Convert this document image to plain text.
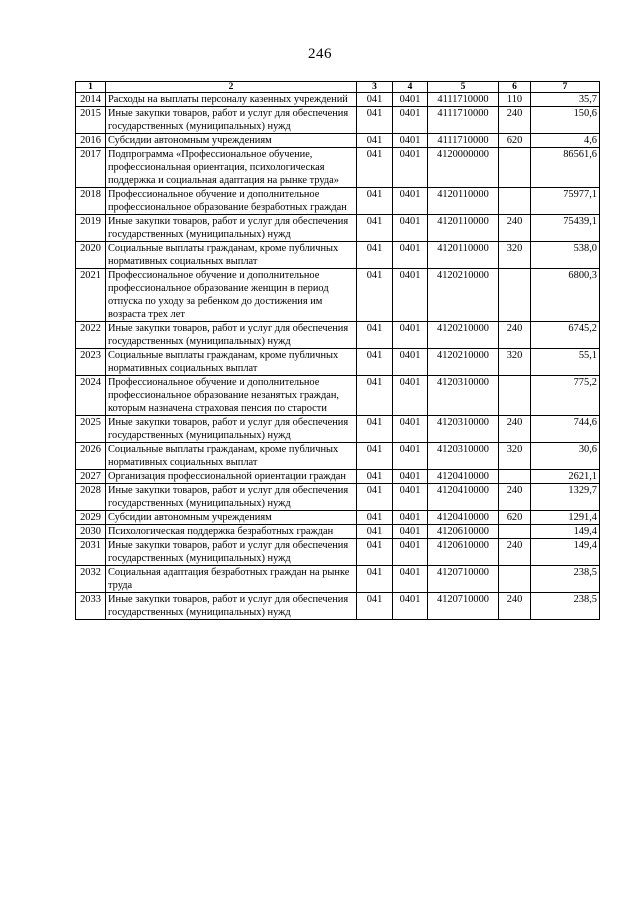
246
1	2	3	4	5	6	7
2014	Расходы на выплаты персоналу казенных учреждений	041	0401	4111710000	110	35,7
2015	Иные закупки товаров, работ и услуг для обеспечения государственных (муниципальных) нужд	041	0401	4111710000	240	150,6
2016	Субсидии автономным учреждениям	041	0401	4111710000	620	4,6
2017	Подпрограмма «Профессиональное обучение, профессиональная ориентация, психологическая поддержка и социальная адаптация на рынке труда»	041	0401	4120000000		86561,6
2018	Профессиональное обучение и дополнительное профессиональное образование безработных граждан	041	0401	4120110000		75977,1
2019	Иные закупки товаров, работ и услуг для обеспечения государственных (муниципальных) нужд	041	0401	4120110000	240	75439,1
2020	Социальные выплаты гражданам, кроме публичных нормативных социальных выплат	041	0401	4120110000	320	538,0
2021	Профессиональное обучение и дополнительное профессиональное образование женщин в период отпуска по уходу за ребенком до достижения им возраста трех лет	041	0401	4120210000		6800,3
2022	Иные закупки товаров, работ и услуг для обеспечения государственных (муниципальных) нужд	041	0401	4120210000	240	6745,2
2023	Социальные выплаты гражданам, кроме публичных нормативных социальных выплат	041	0401	4120210000	320	55,1
2024	Профессиональное обучение и дополнительное профессиональное образование незанятых граждан, которым назначена страховая пенсия по старости	041	0401	4120310000		775,2
2025	Иные закупки товаров, работ и услуг для обеспечения государственных (муниципальных) нужд	041	0401	4120310000	240	744,6
2026	Социальные выплаты гражданам, кроме публичных нормативных социальных выплат	041	0401	4120310000	320	30,6
2027	Организация профессиональной ориентации граждан	041	0401	4120410000		2621,1
2028	Иные закупки товаров, работ и услуг для обеспечения государственных (муниципальных) нужд	041	0401	4120410000	240	1329,7
2029	Субсидии автономным учреждениям	041	0401	4120410000	620	1291,4
2030	Психологическая поддержка безработных граждан	041	0401	4120610000		149,4
2031	Иные закупки товаров, работ и услуг для обеспечения государственных (муниципальных) нужд	041	0401	4120610000	240	149,4
2032	Социальная адаптация безработных граждан на рынке труда	041	0401	4120710000		238,5
2033	Иные закупки товаров, работ и услуг для обеспечения государственных (муниципальных) нужд	041	0401	4120710000	240	238,5
